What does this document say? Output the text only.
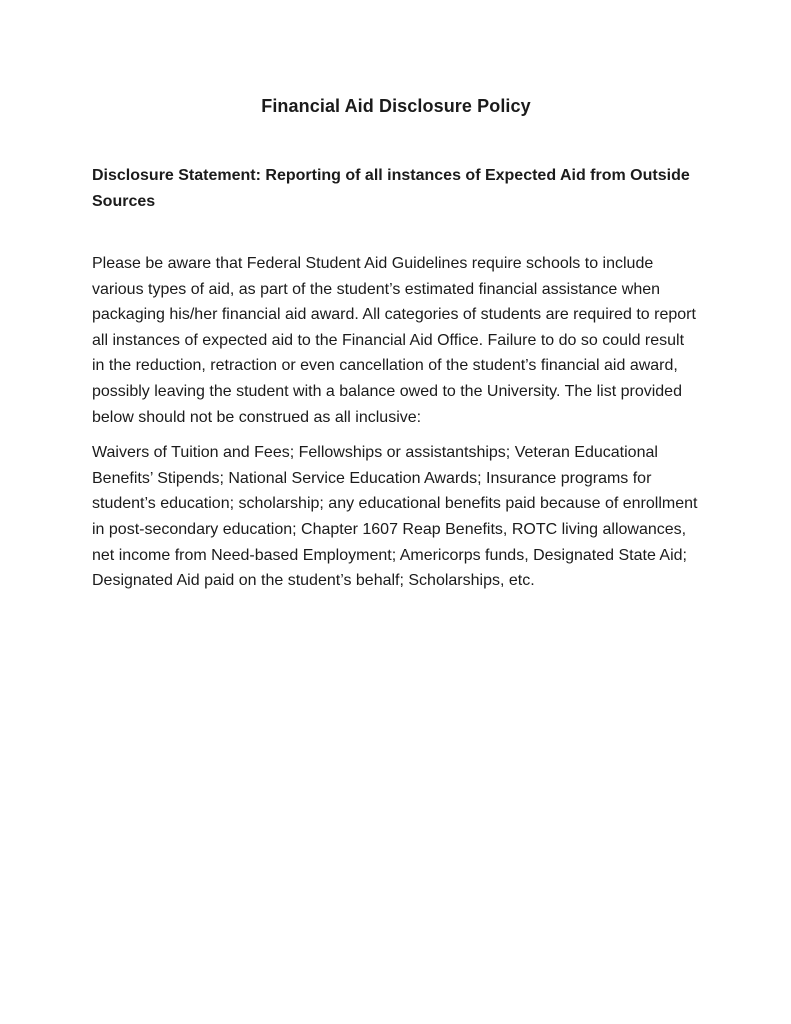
Financial Aid Disclosure Policy
Disclosure Statement: Reporting of all instances of Expected Aid from Outside Sources

Please be aware that Federal Student Aid Guidelines require schools to include various types of aid, as part of the student’s estimated financial assistance when packaging his/her financial aid award. All categories of students are required to report all instances of expected aid to the Financial Aid Office. Failure to do so could result in the reduction, retraction or even cancellation of the student’s financial aid award, possibly leaving the student with a balance owed to the University. The list provided below should not be construed as all inclusive:

Waivers of Tuition and Fees; Fellowships or assistantships; Veteran Educational Benefits’ Stipends; National Service Education Awards; Insurance programs for student’s education; scholarship; any educational benefits paid because of enrollment in post-secondary education; Chapter 1607 Reap Benefits, ROTC living allowances, net income from Need-based Employment; Americorps funds, Designated State Aid; Designated Aid paid on the student’s behalf; Scholarships, etc.
